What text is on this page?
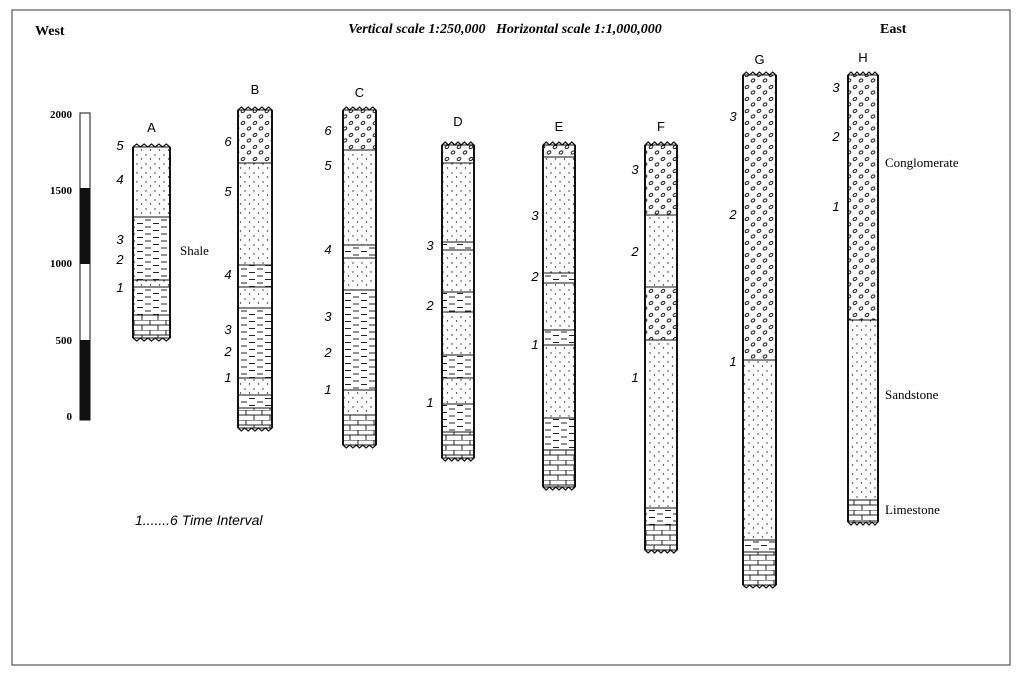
West	Vertical scale 1:250,000   Horizontal scale 1:1,000,000	East
2000
1500
1000
500
0
A
5
4
3
2
1
B
6
5
4
3
2
1
C
6
5
4
3
2
1
D
3
2
1
E
3
2
1
F
3
2
1
G
3
2
1
H
3
2
1
Shale
Conglomerate
Sandstone
Limestone
1.......6 Time Interval
